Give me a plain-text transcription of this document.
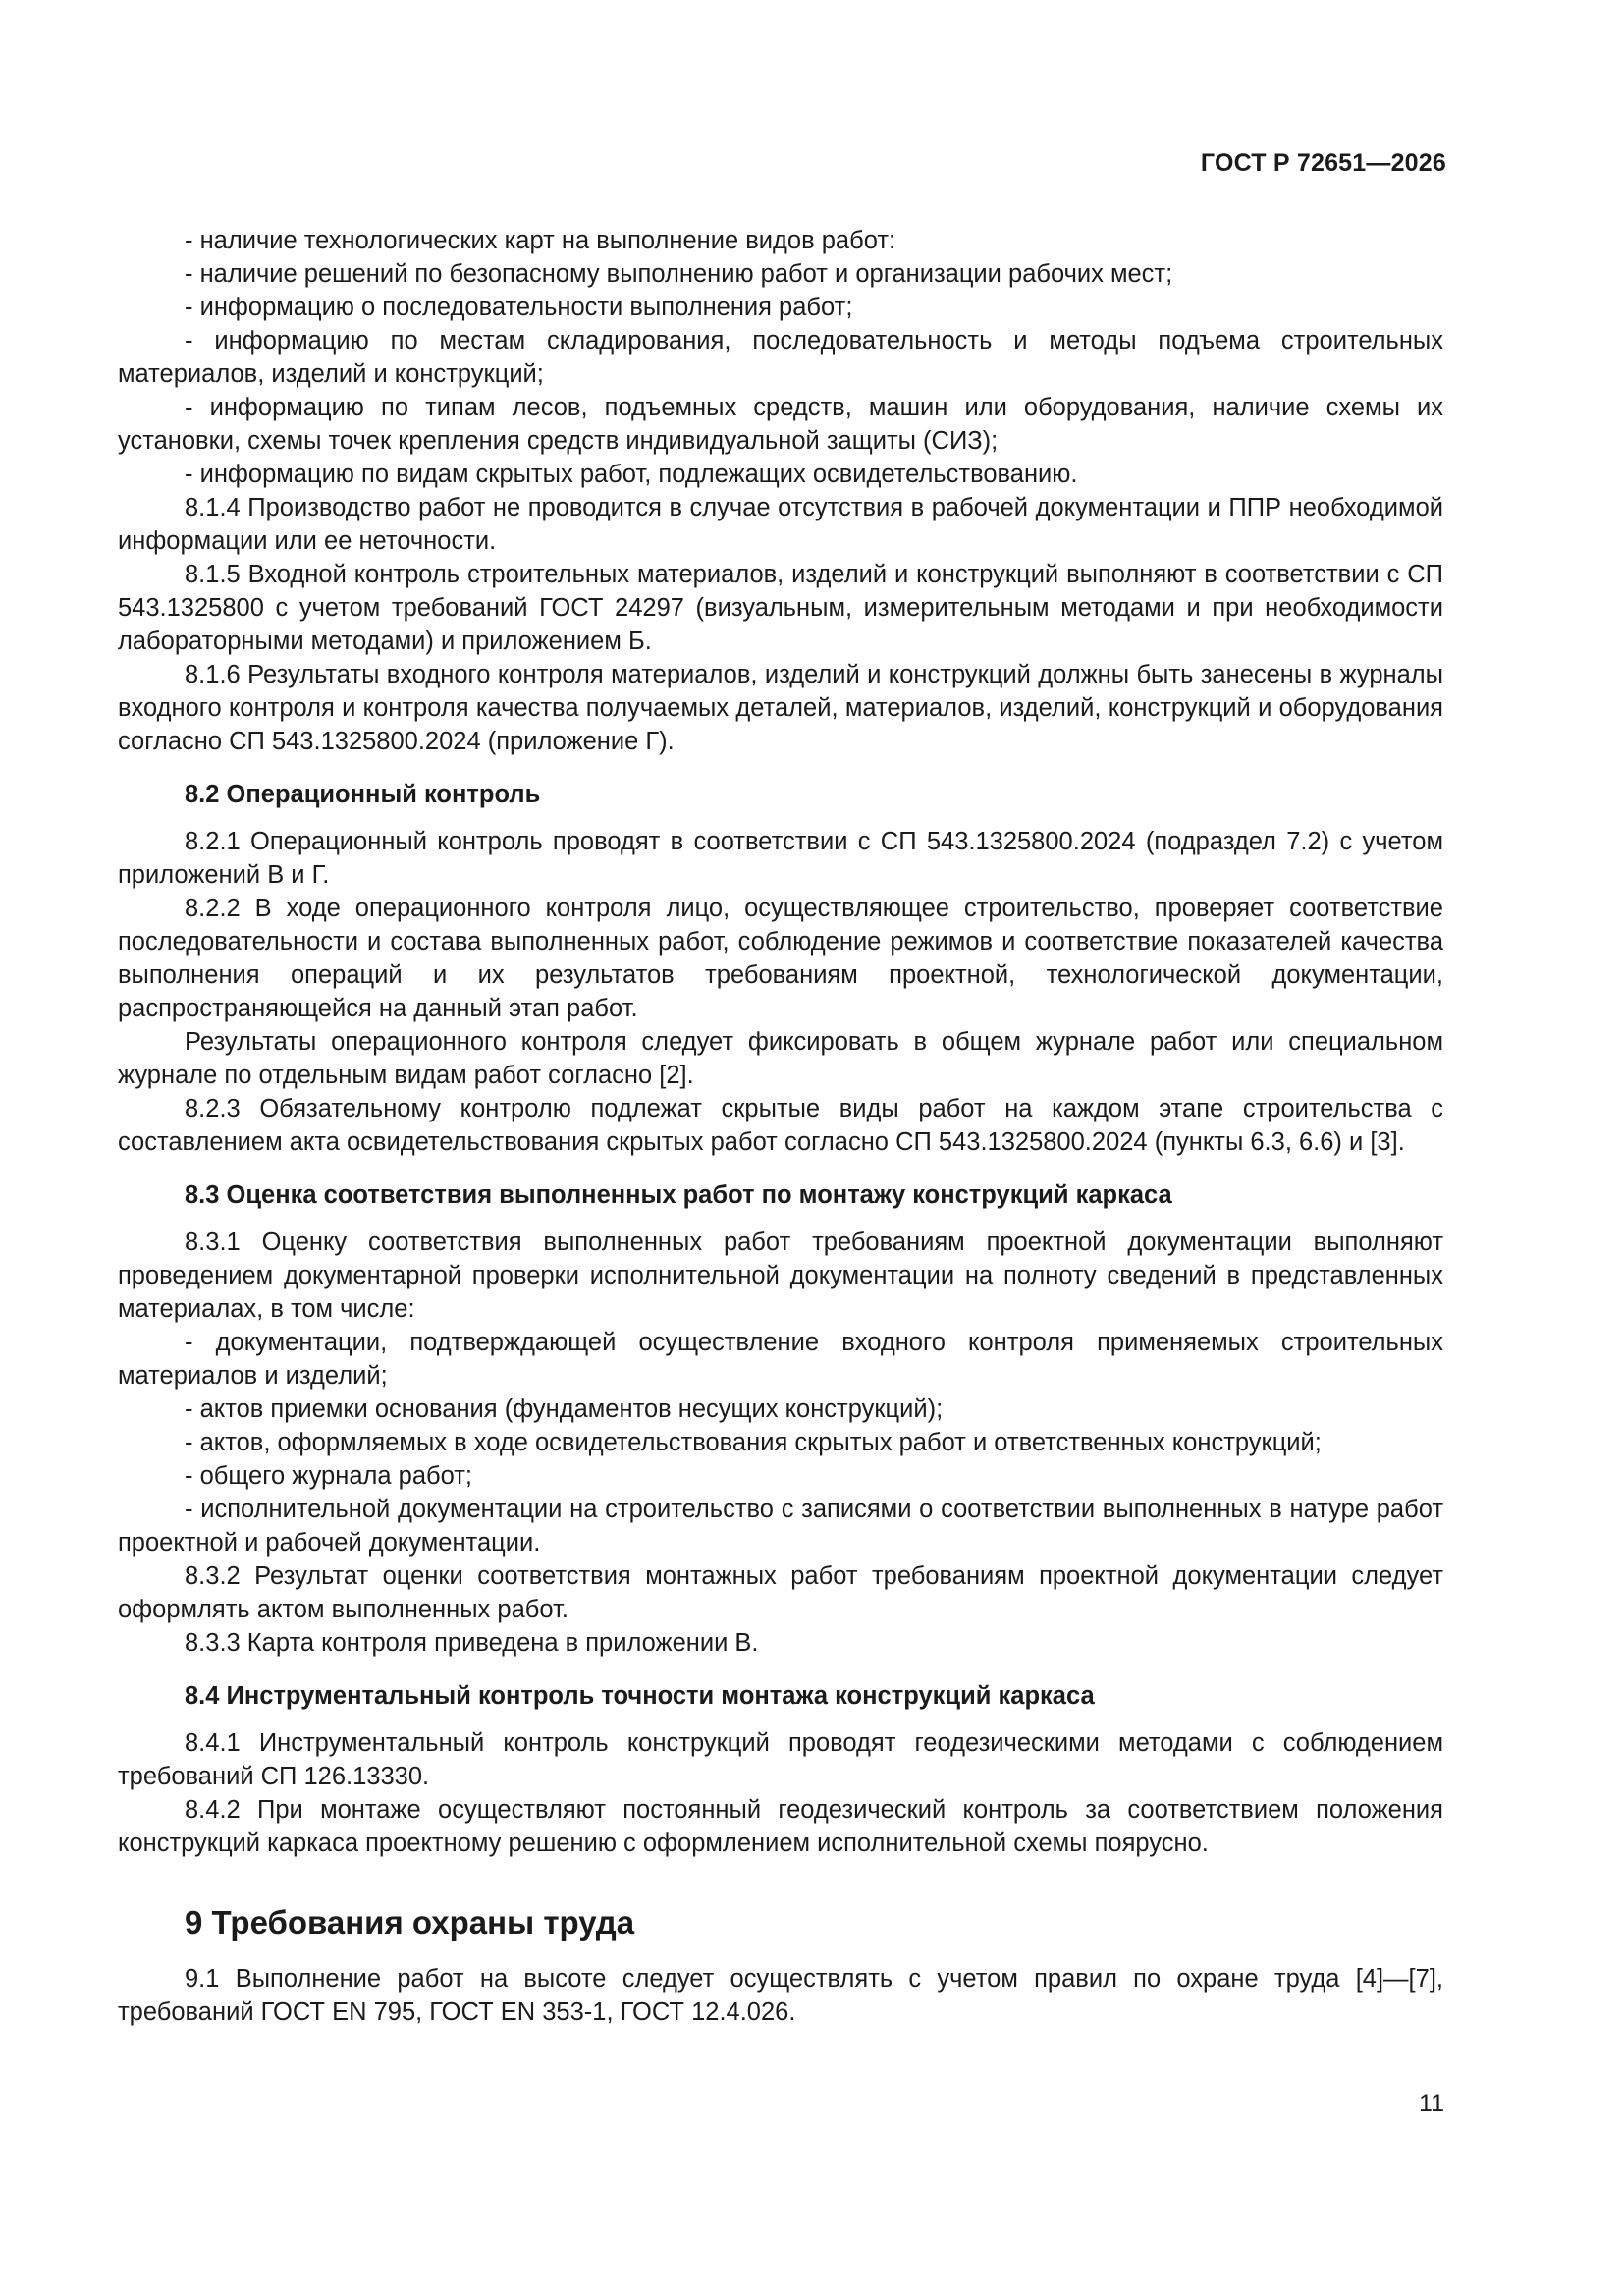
ГОСТ Р 72651—2026

- наличие технологических карт на выполнение видов работ:

- наличие решений по безопасному выполнению работ и организации рабочих мест;

- информацию о последовательности выполнения работ;

- информацию по местам складирования, последовательность и методы подъема строительных материалов, изделий и конструкций;

- информацию по типам лесов, подъемных средств, машин или оборудования, наличие схемы их установки, схемы точек крепления средств индивидуальной защиты (СИЗ);

- информацию по видам скрытых работ, подлежащих освидетельствованию.

8.1.4 Производство работ не проводится в случае отсутствия в рабочей документации и ППР необходимой информации или ее неточности.

8.1.5 Входной контроль строительных материалов, изделий и конструкций выполняют в соответствии с СП 543.1325800 с учетом требований ГОСТ 24297 (визуальным, измерительным методами и при необходимости лабораторными методами) и приложением Б.

8.1.6 Результаты входного контроля материалов, изделий и конструкций должны быть занесены в журналы входного контроля и контроля качества получаемых деталей, материалов, изделий, конструкций и оборудования согласно СП 543.1325800.2024 (приложение Г).

8.2 Операционный контроль

8.2.1 Операционный контроль проводят в соответствии с СП 543.1325800.2024 (подраздел 7.2) с учетом приложений В и Г.

8.2.2 В ходе операционного контроля лицо, осуществляющее строительство, проверяет соответствие последовательности и состава выполненных работ, соблюдение режимов и соответствие показателей качества выполнения операций и их результатов требованиям проектной, технологической документации, распространяющейся на данный этап работ.

Результаты операционного контроля следует фиксировать в общем журнале работ или специальном журнале по отдельным видам работ согласно [2].

8.2.3 Обязательному контролю подлежат скрытые виды работ на каждом этапе строительства с составлением акта освидетельствования скрытых работ согласно СП 543.1325800.2024 (пункты 6.3, 6.6) и [3].

8.3 Оценка соответствия выполненных работ по монтажу конструкций каркаса

8.3.1 Оценку соответствия выполненных работ требованиям проектной документации выполняют проведением документарной проверки исполнительной документации на полноту сведений в представленных материалах, в том числе:

- документации, подтверждающей осуществление входного контроля применяемых строительных материалов и изделий;

- актов приемки основания (фундаментов несущих конструкций);

- актов, оформляемых в ходе освидетельствования скрытых работ и ответственных конструкций;

- общего журнала работ;

- исполнительной документации на строительство с записями о соответствии выполненных в натуре работ проектной и рабочей документации.

8.3.2 Результат оценки соответствия монтажных работ требованиям проектной документации следует оформлять актом выполненных работ.

8.3.3 Карта контроля приведена в приложении В.

8.4 Инструментальный контроль точности монтажа конструкций каркаса

8.4.1 Инструментальный контроль конструкций проводят геодезическими методами с соблюдением требований СП 126.13330.

8.4.2 При монтаже осуществляют постоянный геодезический контроль за соответствием положения конструкций каркаса проектному решению с оформлением исполнительной схемы поярусно.

9 Требования охраны труда

9.1 Выполнение работ на высоте следует осуществлять с учетом правил по охране труда [4]—[7], требований ГОСТ EN 795, ГОСТ EN 353-1, ГОСТ 12.4.026.

11
